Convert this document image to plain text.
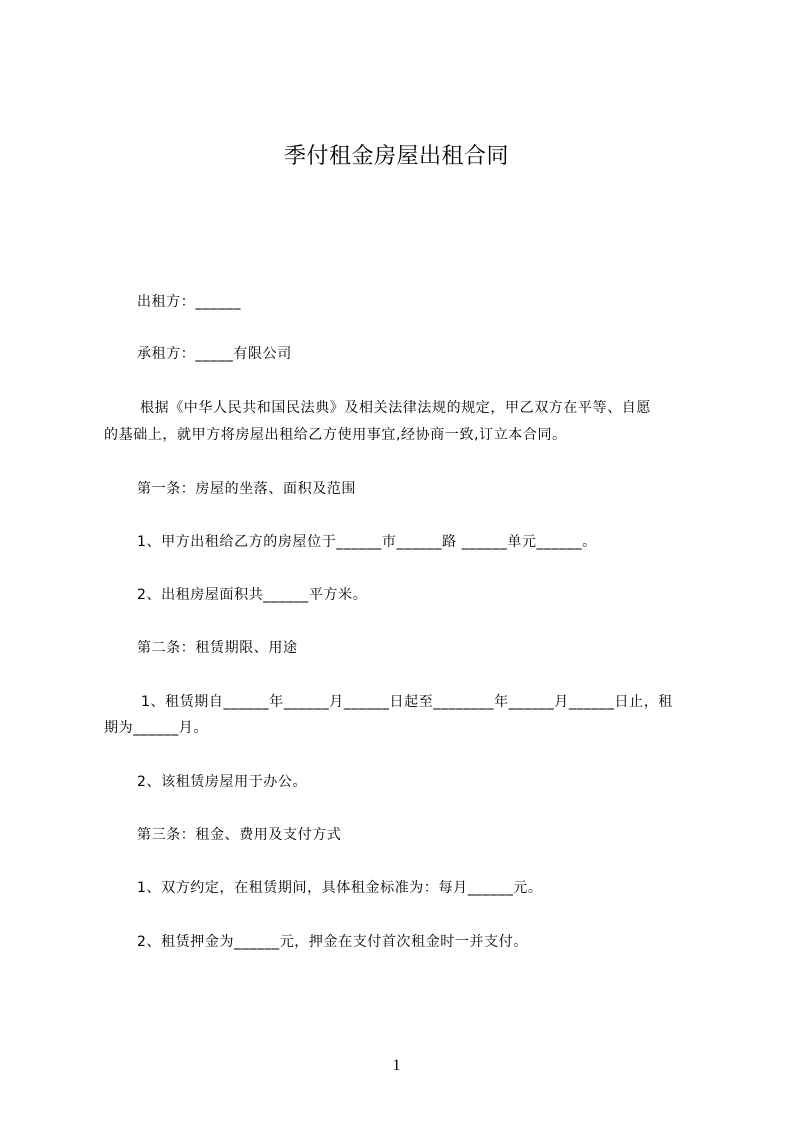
季付租金房屋出租合同
出租方：______
承租方：_____有限公司
根据《中华人民共和国民法典》及相关法律法规的规定，甲乙双方在平等、自愿
的基础上，就甲方将房屋出租给乙方使用事宜,经协商一致,订立本合同。
第一条：房屋的坐落、面积及范围
1、甲方出租给乙方的房屋位于______市______路 ______单元______。
2、出租房屋面积共______平方米。
第二条：租赁期限、用途
1、租赁期自______年______月______日起至________年______月______日止，租
期为______月。
2、该租赁房屋用于办公。
第三条：租金、费用及支付方式
1、双方约定，在租赁期间，具体租金标准为：每月______元。
2、租赁押金为______元，押金在支付首次租金时一并支付。
1
